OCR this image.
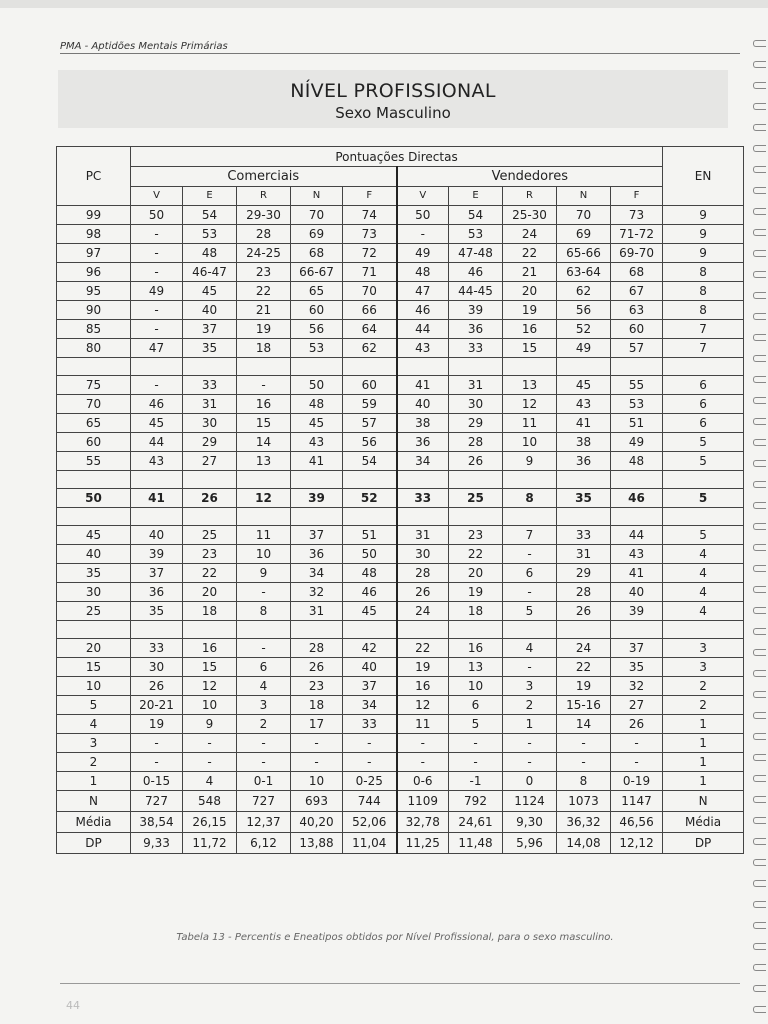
PMA - Aptidões Mentais Primárias
NÍVEL PROFISSIONAL
Sexo Masculino
PC	Pontuações Directas										EN
	Comerciais					Vendedores					
	V	E	R	N	F	V	E	R	N	F	
99	50	54	29-30	70	74	50	54	25-30	70	73	9
98	-	53	28	69	73	-	53	24	69	71-72	9
97	-	48	24-25	68	72	49	47-48	22	65-66	69-70	9
96	-	46-47	23	66-67	71	48	46	21	63-64	68	8
95	49	45	22	65	70	47	44-45	20	62	67	8
90	-	40	21	60	66	46	39	19	56	63	8
85	-	37	19	56	64	44	36	16	52	60	7
80	47	35	18	53	62	43	33	15	49	57	7

75	-	33	-	50	60	41	31	13	45	55	6
70	46	31	16	48	59	40	30	12	43	53	6
65	45	30	15	45	57	38	29	11	41	51	6
60	44	29	14	43	56	36	28	10	38	49	5
55	43	27	13	41	54	34	26	9	36	48	5

50	41	26	12	39	52	33	25	8	35	46	5

45	40	25	11	37	51	31	23	7	33	44	5
40	39	23	10	36	50	30	22	-	31	43	4
35	37	22	9	34	48	28	20	6	29	41	4
30	36	20	-	32	46	26	19	-	28	40	4
25	35	18	8	31	45	24	18	5	26	39	4

20	33	16	-	28	42	22	16	4	24	37	3
15	30	15	6	26	40	19	13	-	22	35	3
10	26	12	4	23	37	16	10	3	19	32	2
5	20-21	10	3	18	34	12	6	2	15-16	27	2
4	19	9	2	17	33	11	5	1	14	26	1
3	-	-	-	-	-	-	-	-	-	-	1
2	-	-	-	-	-	-	-	-	-	-	1
1	0-15	4	0-1	10	0-25	0-6	-1	0	8	0-19	1
N	727	548	727	693	744	1109	792	1124	1073	1147	N
Média	38,54	26,15	12,37	40,20	52,06	32,78	24,61	9,30	36,32	46,56	Média
DP	9,33	11,72	6,12	13,88	11,04	11,25	11,48	5,96	14,08	12,12	DP
Tabela 13 - Percentis e Eneatipos obtidos por Nível Profissional, para o sexo masculino.
44
